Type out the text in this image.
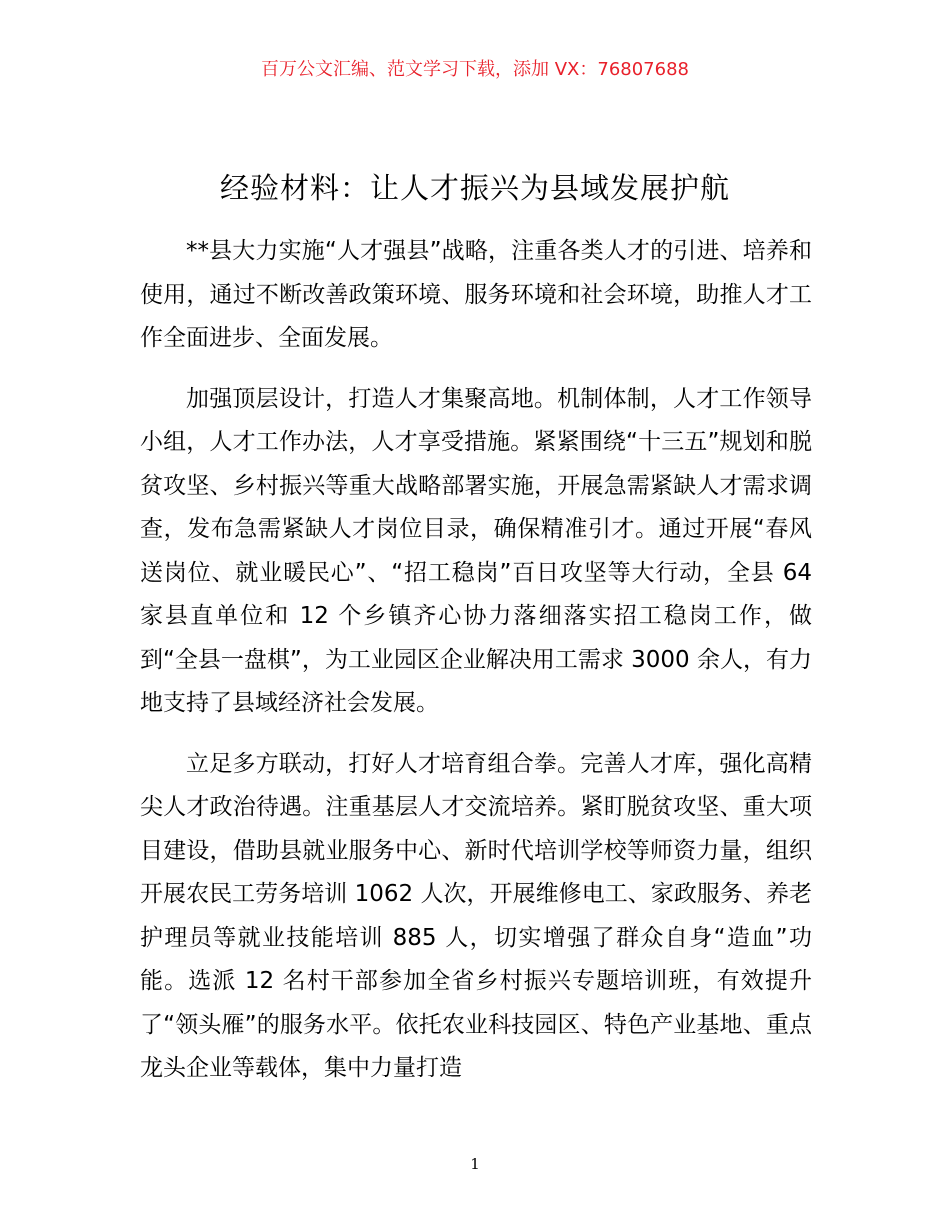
百万公文汇编、范文学习下载，添加 VX：76807688
经验材料：让人才振兴为县域发展护航

**县大力实施“人才强县”战略，注重各类人才的引进、培养和使用，通过不断改善政策环境、服务环境和社会环境，助推人才工作全面进步、全面发展。

加强顶层设计，打造人才集聚高地。机制体制，人才工作领导小组，人才工作办法，人才享受措施。紧紧围绕“十三五”规划和脱贫攻坚、乡村振兴等重大战略部署实施，开展急需紧缺人才需求调查，发布急需紧缺人才岗位目录，确保精准引才。通过开展“春风送岗位、就业暖民心”、“招工稳岗”百日攻坚等大行动，全县 64 家县直单位和 12 个乡镇齐心协力落细落实招工稳岗工作，做到“全县一盘棋”，为工业园区企业解决用工需求 3000 余人，有力地支持了县域经济社会发展。

立足多方联动，打好人才培育组合拳。完善人才库，强化高精尖人才政治待遇。注重基层人才交流培养。紧盯脱贫攻坚、重大项目建设，借助县就业服务中心、新时代培训学校等师资力量，组织开展农民工劳务培训 1062 人次，开展维修电工、家政服务、养老护理员等就业技能培训 885 人，切实增强了群众自身“造血”功能。选派 12 名村干部参加全省乡村振兴专题培训班，有效提升了“领头雁”的服务水平。依托农业科技园区、特色产业基地、重点龙头企业等载体，集中力量打造

1
